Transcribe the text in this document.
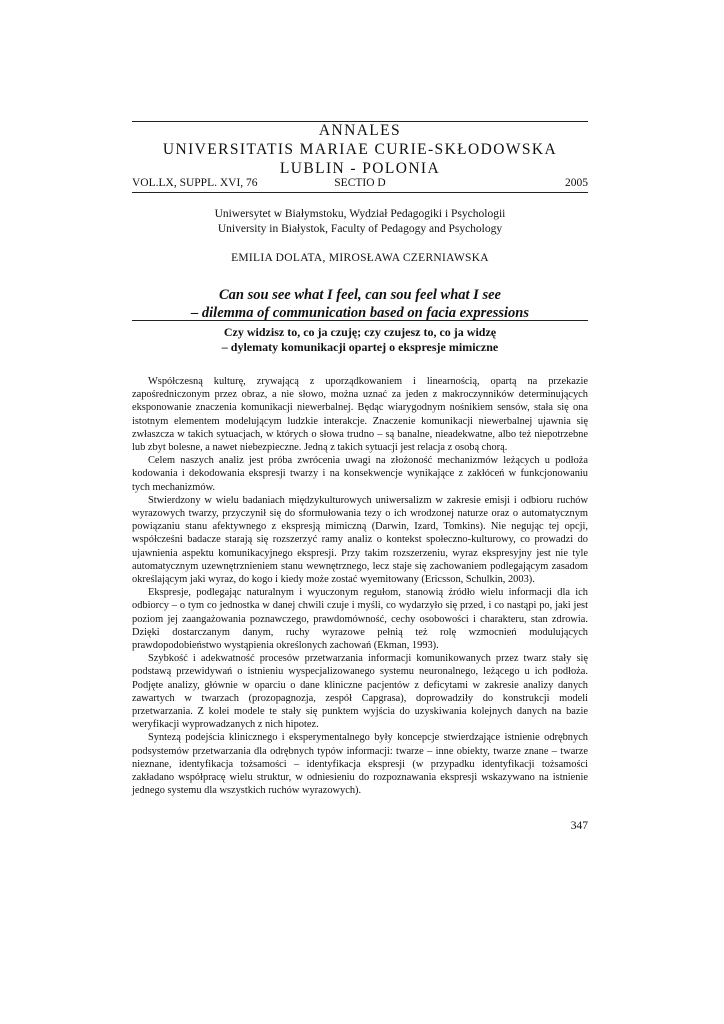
ANNALES
UNIVERSITATIS MARIAE CURIE-SKŁODOWSKA
LUBLIN - POLONIA
VOL.LX, SUPPL. XVI, 76	SECTIO D	2005
Uniwersytet w Białymstoku, Wydział Pedagogiki i Psychologii
University in Białystok, Faculty of Pedagogy and Psychology
EMILIA DOLATA, MIROSŁAWA CZERNIAWSKA
Can sou see what I feel, can sou feel what I see
– dilemma of communication based on facia expressions
Czy widzisz to, co ja czuję; czy czujesz to, co ja widzę
– dylematy komunikacji opartej o ekspresje mimiczne

Współczesną kulturę, zrywającą z uporządkowaniem i linearnością, opartą na przekazie zapośredniczonym przez obraz, a nie słowo, można uznać za jeden z makroczynników determinujących eksponowanie znaczenia komunikacji niewerbalnej. Będąc wiarygodnym nośnikiem sensów, stała się ona istotnym elementem modelującym ludzkie interakcje. Znaczenie komunikacji niewerbalnej ujawnia się zwłaszcza w takich sytuacjach, w których o słowa trudno – są banalne, nieadekwatne, albo też niepotrzebne lub zbyt bolesne, a nawet niebezpieczne. Jedną z takich sytuacji jest relacja z osobą chorą.

Celem naszych analiz jest próba zwrócenia uwagi na złożoność mechanizmów leżących u podłoża kodowania i dekodowania ekspresji twarzy i na konsekwencje wynikające z zakłóceń w funkcjonowaniu tych mechanizmów.

Stwierdzony w wielu badaniach międzykulturowych uniwersalizm w zakresie emisji i odbioru ruchów wyrazowych twarzy, przyczynił się do sformułowania tezy o ich wrodzonej naturze oraz o automatycznym powiązaniu stanu afektywnego z ekspresją mimiczną (Darwin, Izard, Tomkins). Nie negując tej opcji, współcześni badacze starają się rozszerzyć ramy analiz o kontekst społeczno-kulturowy, co prowadzi do ujawnienia aspektu komunikacyjnego ekspresji. Przy takim rozszerzeniu, wyraz ekspresyjny jest nie tyle automatycznym uzewnętrznieniem stanu wewnętrznego, lecz staje się zachowaniem podlegającym zasadom określającym jaki wyraz, do kogo i kiedy może zostać wyemitowany (Ericsson, Schulkin, 2003).

Ekspresje, podlegając naturalnym i wyuczonym regułom, stanowią źródło wielu informacji dla ich odbiorcy – o tym co jednostka w danej chwili czuje i myśli, co wydarzyło się przed, i co nastąpi po, jaki jest poziom jej zaangażowania poznawczego, prawdomówność, cechy osobowości i charakteru, stan zdrowia. Dzięki dostarczanym danym, ruchy wyrazowe pełnią też rolę wzmocnień modulujących prawdopodobieństwo wystąpienia określonych zachowań (Ekman, 1993).

Szybkość i adekwatność procesów przetwarzania informacji komunikowanych przez twarz stały się podstawą przewidywań o istnieniu wyspecjalizowanego systemu neuronalnego, leżącego u ich podłoża. Podjęte analizy, głównie w oparciu o dane kliniczne pacjentów z deficytami w zakresie analizy danych zawartych w twarzach (prozopagnozja, zespół Capgrasa), doprowadziły do konstrukcji modeli przetwarzania. Z kolei modele te stały się punktem wyjścia do uzyskiwania kolejnych danych na bazie weryfikacji wyprowadzanych z nich hipotez.

Syntezą podejścia klinicznego i eksperymentalnego były koncepcje stwierdzające istnienie odrębnych podsystemów przetwarzania dla odrębnych typów informacji: twarze – inne obiekty, twarze znane – twarze nieznane, identyfikacja tożsamości – identyfikacja ekspresji (w przypadku identyfikacji tożsamości zakładano współpracę wielu struktur, w odniesieniu do rozpoznawania ekspresji wskazywano na istnienie jednego systemu dla wszystkich ruchów wyrazowych).

347
